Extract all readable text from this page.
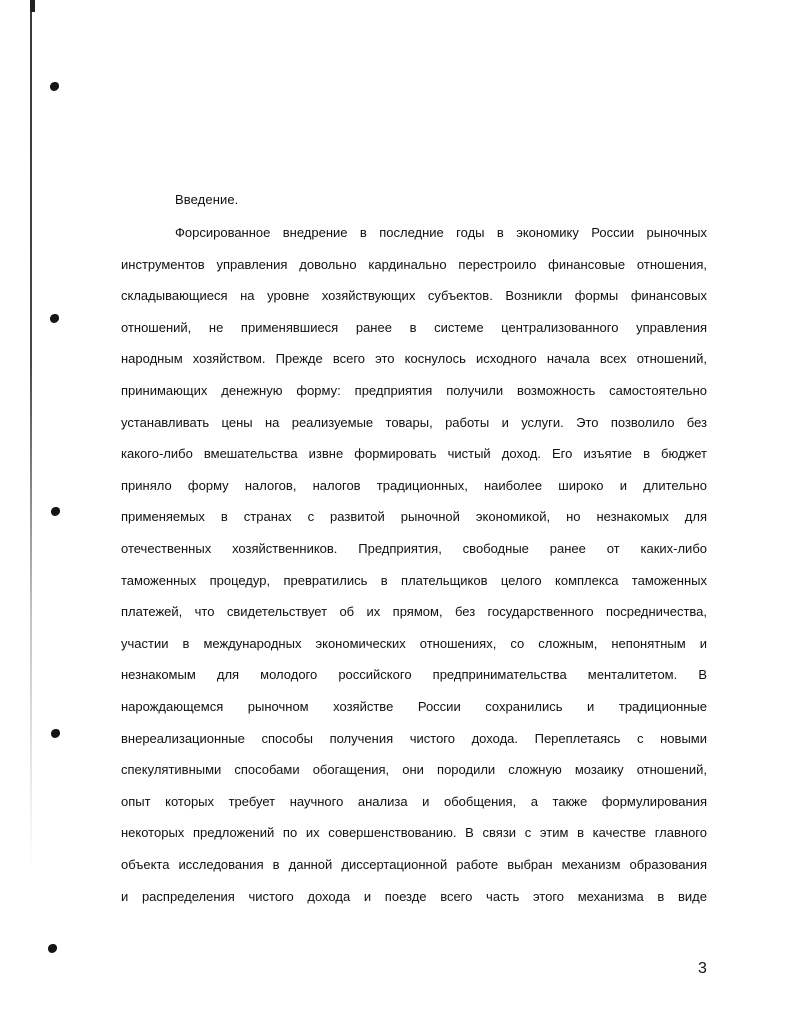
Введение.
Форсированное внедрение в последние годы в экономику России рыночных
инструментов управления довольно кардинально перестроило финансовые отношения,
складывающиеся на уровне хозяйствующих субъектов. Возникли формы финансовых
отношений, не применявшиеся ранее в системе централизованного управления
народным хозяйством. Прежде всего это коснулось исходного начала всех отношений,
принимающих денежную форму: предприятия получили возможность самостоятельно
устанавливать цены на реализуемые товары, работы и услуги. Это позволило без
какого-либо вмешательства извне формировать чистый доход. Его изъятие в бюджет
приняло форму налогов, налогов традиционных, наиболее широко и длительно
применяемых в странах с развитой рыночной экономикой, но незнакомых для
отечественных хозяйственников. Предприятия, свободные ранее от каких-либо
таможенных процедур, превратились в плательщиков целого комплекса таможенных
платежей, что свидетельствует об их прямом, без государственного посредничества,
участии в международных экономических отношениях, со сложным, непонятным и
незнакомым для молодого российского предпринимательства менталитетом. В
нарождающемся рыночном хозяйстве России сохранились и традиционные
внереализационные способы получения чистого дохода. Переплетаясь с новыми
спекулятивными способами обогащения, они породили сложную мозаику отношений,
опыт которых требует научного анализа и обобщения, а также формулирования
некоторых предложений по их совершенствованию. В связи с этим в качестве главного
объекта исследования в данной диссертационной работе выбран механизм образования
и распределения чистого дохода и поезде всего часть этого механизма в виде
3
